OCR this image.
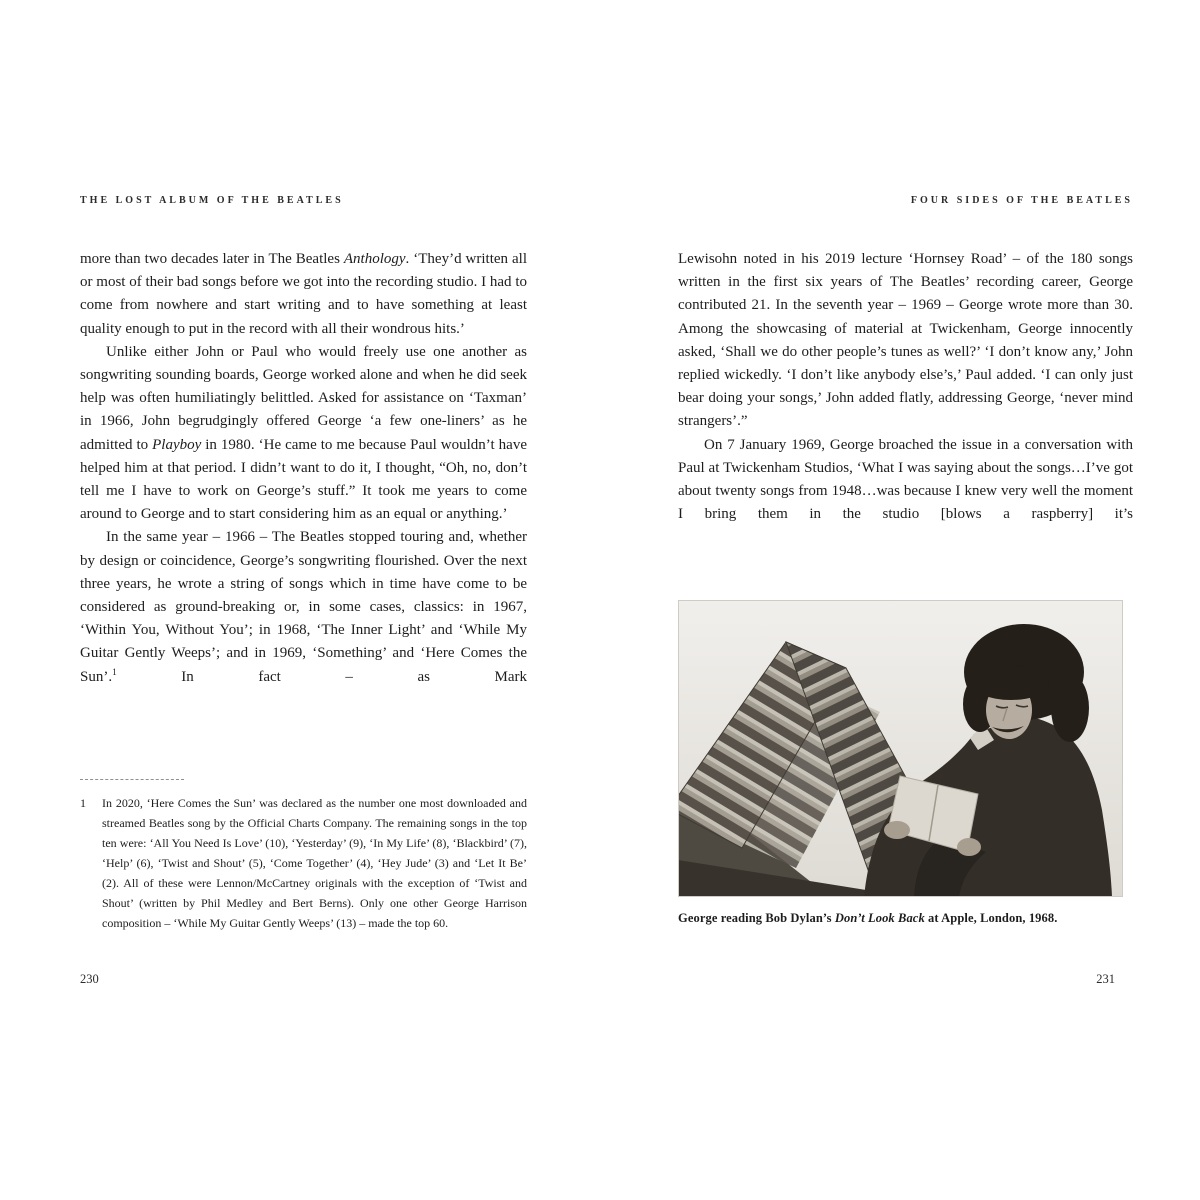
THE LOST ALBUM OF THE BEATLES	FOUR SIDES OF THE BEATLES

more than two decades later in The Beatles Anthology. ‘They’d written all or most of their bad songs before we got into the recording studio. I had to come from nowhere and start writing and to have something at least quality enough to put in the record with all their wondrous hits.’

Unlike either John or Paul who would freely use one another as songwriting sounding boards, George worked alone and when he did seek help was often humiliatingly belittled. Asked for assistance on ‘Taxman’ in 1966, John begrudgingly offered George ‘a few one-liners’ as he admitted to Playboy in 1980. ‘He came to me because Paul wouldn’t have helped him at that period. I didn’t want to do it, I thought, “Oh, no, don’t tell me I have to work on George’s stuff.” It took me years to come around to George and to start considering him as an equal or anything.’

In the same year – 1966 – The Beatles stopped touring and, whether by design or coincidence, George’s songwriting flourished. Over the next three years, he wrote a string of songs which in time have come to be considered as ground-breaking or, in some cases, classics: in 1967, ‘Within You, Without You’; in 1968, ‘The Inner Light’ and ‘While My Guitar Gently Weeps’; and in 1969, ‘Something’ and ‘Here Comes the Sun’.$^1$ In fact – as Mark

1	In 2020, ‘Here Comes the Sun’ was declared as the number one most downloaded and streamed Beatles song by the Official Charts Company. The remaining songs in the top ten were: ‘All You Need Is Love’ (10), ‘Yesterday’ (9), ‘In My Life’ (8), ‘Blackbird’ (7), ‘Help’ (6), ‘Twist and Shout’ (5), ‘Come Together’ (4), ‘Hey Jude’ (3) and ‘Let It Be’ (2). All of these were Lennon/McCartney originals with the exception of ‘Twist and Shout’ (written by Phil Medley and Bert Berns). Only one other George Harrison composition – ‘While My Guitar Gently Weeps’ (13) – made the top 60.

Lewisohn noted in his 2019 lecture ‘Hornsey Road’ – of the 180 songs written in the first six years of The Beatles’ recording career, George contributed 21. In the seventh year – 1969 – George wrote more than 30. Among the showcasing of material at Twickenham, George innocently asked, ‘Shall we do other people’s tunes as well?’ ‘I don’t know any,’ John replied wickedly. ‘I don’t like anybody else’s,’ Paul added. ‘I can only just bear doing your songs,’ John added flatly, addressing George, ‘never mind strangers’.”

On 7 January 1969, George broached the issue in a conversation with Paul at Twickenham Studios, ‘What I was saying about the songs…I’ve got about twenty songs from 1948…was because I knew very well the moment I bring them in the studio [blows a raspberry] it’s

George reading Bob Dylan’s Don’t Look Back at Apple, London, 1968.
230	231
